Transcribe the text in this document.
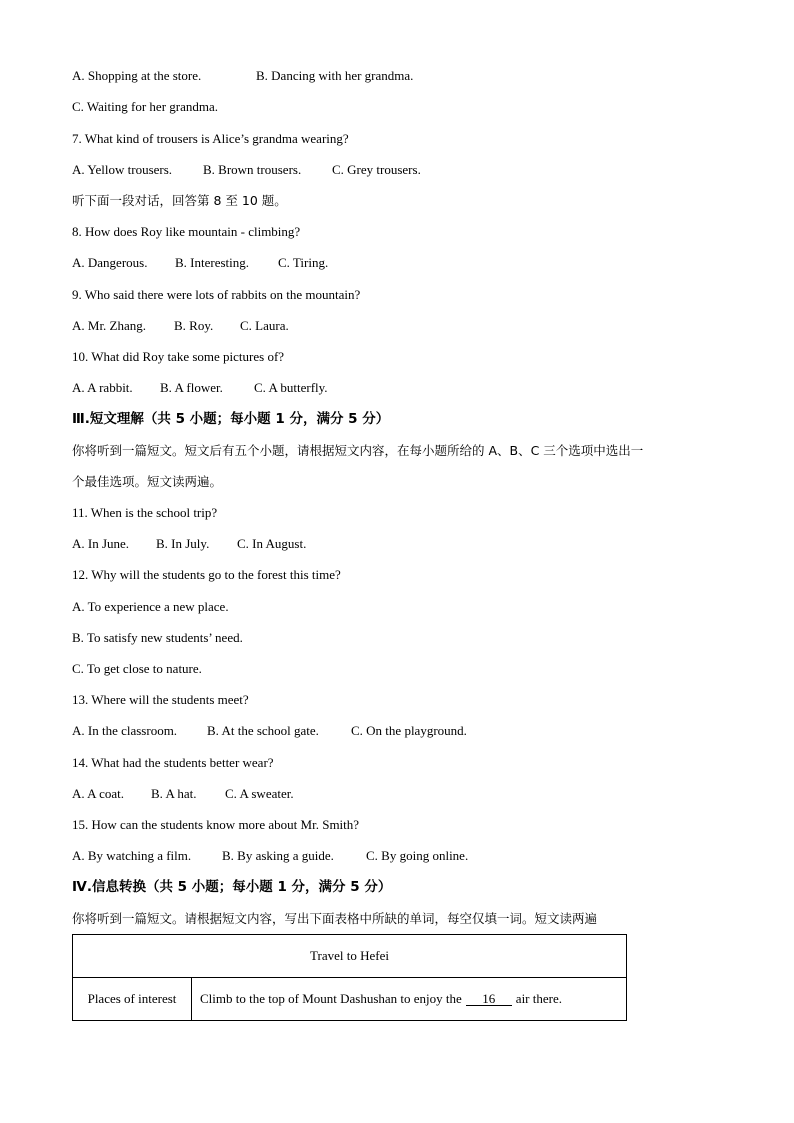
A. Shopping at the store.	B. Dancing with her grandma.
C. Waiting for her grandma.
7. What kind of trousers is Alice’s grandma wearing?
A. Yellow trousers. B. Brown trousers. C. Grey trousers.
听下面一段对话，回答第 8 至 10 题。
8. How does Roy like mountain - climbing?
A. Dangerous. B. Interesting. C. Tiring.
9. Who said there were lots of rabbits on the mountain?
A. Mr. Zhang. B. Roy. C. Laura.
10. What did Roy take some pictures of?
A. A rabbit. B. A flower. C. A butterfly.
Ⅲ.短文理解（共 5 小题；每小题 1 分，满分 5 分）
你将听到一篇短文。短文后有五个小题，请根据短文内容，在每小题所给的 A、B、C 三个选项中选出一
个最佳选项。短文读两遍。
11. When is the school trip?
A. In June. B. In July. C. In August.
12. Why will the students go to the forest this time?
A. To experience a new place.
B. To satisfy new students’ need.
C. To get close to nature.
13. Where will the students meet?
A. In the classroom. B. At the school gate. C. On the playground.
14. What had the students better wear?
A. A coat. B. A hat. C. A sweater.
15. How can the students know more about Mr. Smith?
A. By watching a film. B. By asking a guide. C. By going online.
Ⅳ.信息转换（共 5 小题；每小题 1 分，满分 5 分）
你将听到一篇短文。请根据短文内容，写出下面表格中所缺的单词，每空仅填一词。短文读两遍
Travel to Hefei
Places of interest	Climb to the top of Mount Dashushan to enjoy the 16 air there.
